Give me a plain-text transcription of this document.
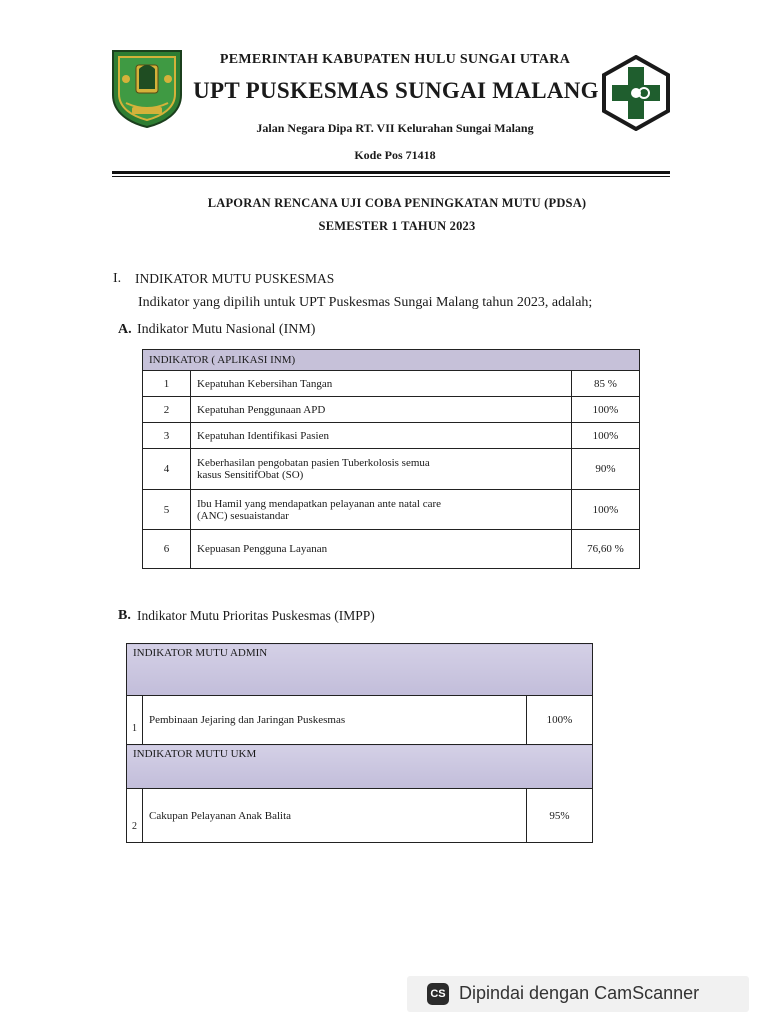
PEMERINTAH KABUPATEN HULU SUNGAI UTARA
UPT PUSKESMAS SUNGAI MALANG
Jalan Negara Dipa RT. VII Kelurahan Sungai Malang
Kode Pos 71418
LAPORAN RENCANA UJI COBA PENINGKATAN MUTU (PDSA)
SEMESTER 1 TAHUN 2023
I. INDIKATOR MUTU PUSKESMAS
Indikator yang dipilih untuk UPT Puskesmas Sungai Malang tahun 2023, adalah;
A. Indikator Mutu Nasional (INM)
INDIKATOR ( APLIKASI INM)		
1	Kepatuhan Kebersihan Tangan	85 %
2	Kepatuhan Penggunaan APD	100%
3	Kepatuhan Identifikasi Pasien	100%
4	Keberhasilan pengobatan pasien Tuberkolosis semua
kasus SensitifObat (SO)	90%
5	Ibu Hamil yang mendapatkan pelayanan ante natal care
(ANC) sesuaistandar	100%
6	Kepuasan Pengguna Layanan	76,60 %
B. Indikator Mutu Prioritas Puskesmas (IMPP)
INDIKATOR MUTU ADMIN		
1	Pembinaan Jejaring dan Jaringan Puskesmas	100%
INDIKATOR MUTU UKM		
2	Cakupan Pelayanan Anak Balita	95%
CS Dipindai dengan CamScanner
